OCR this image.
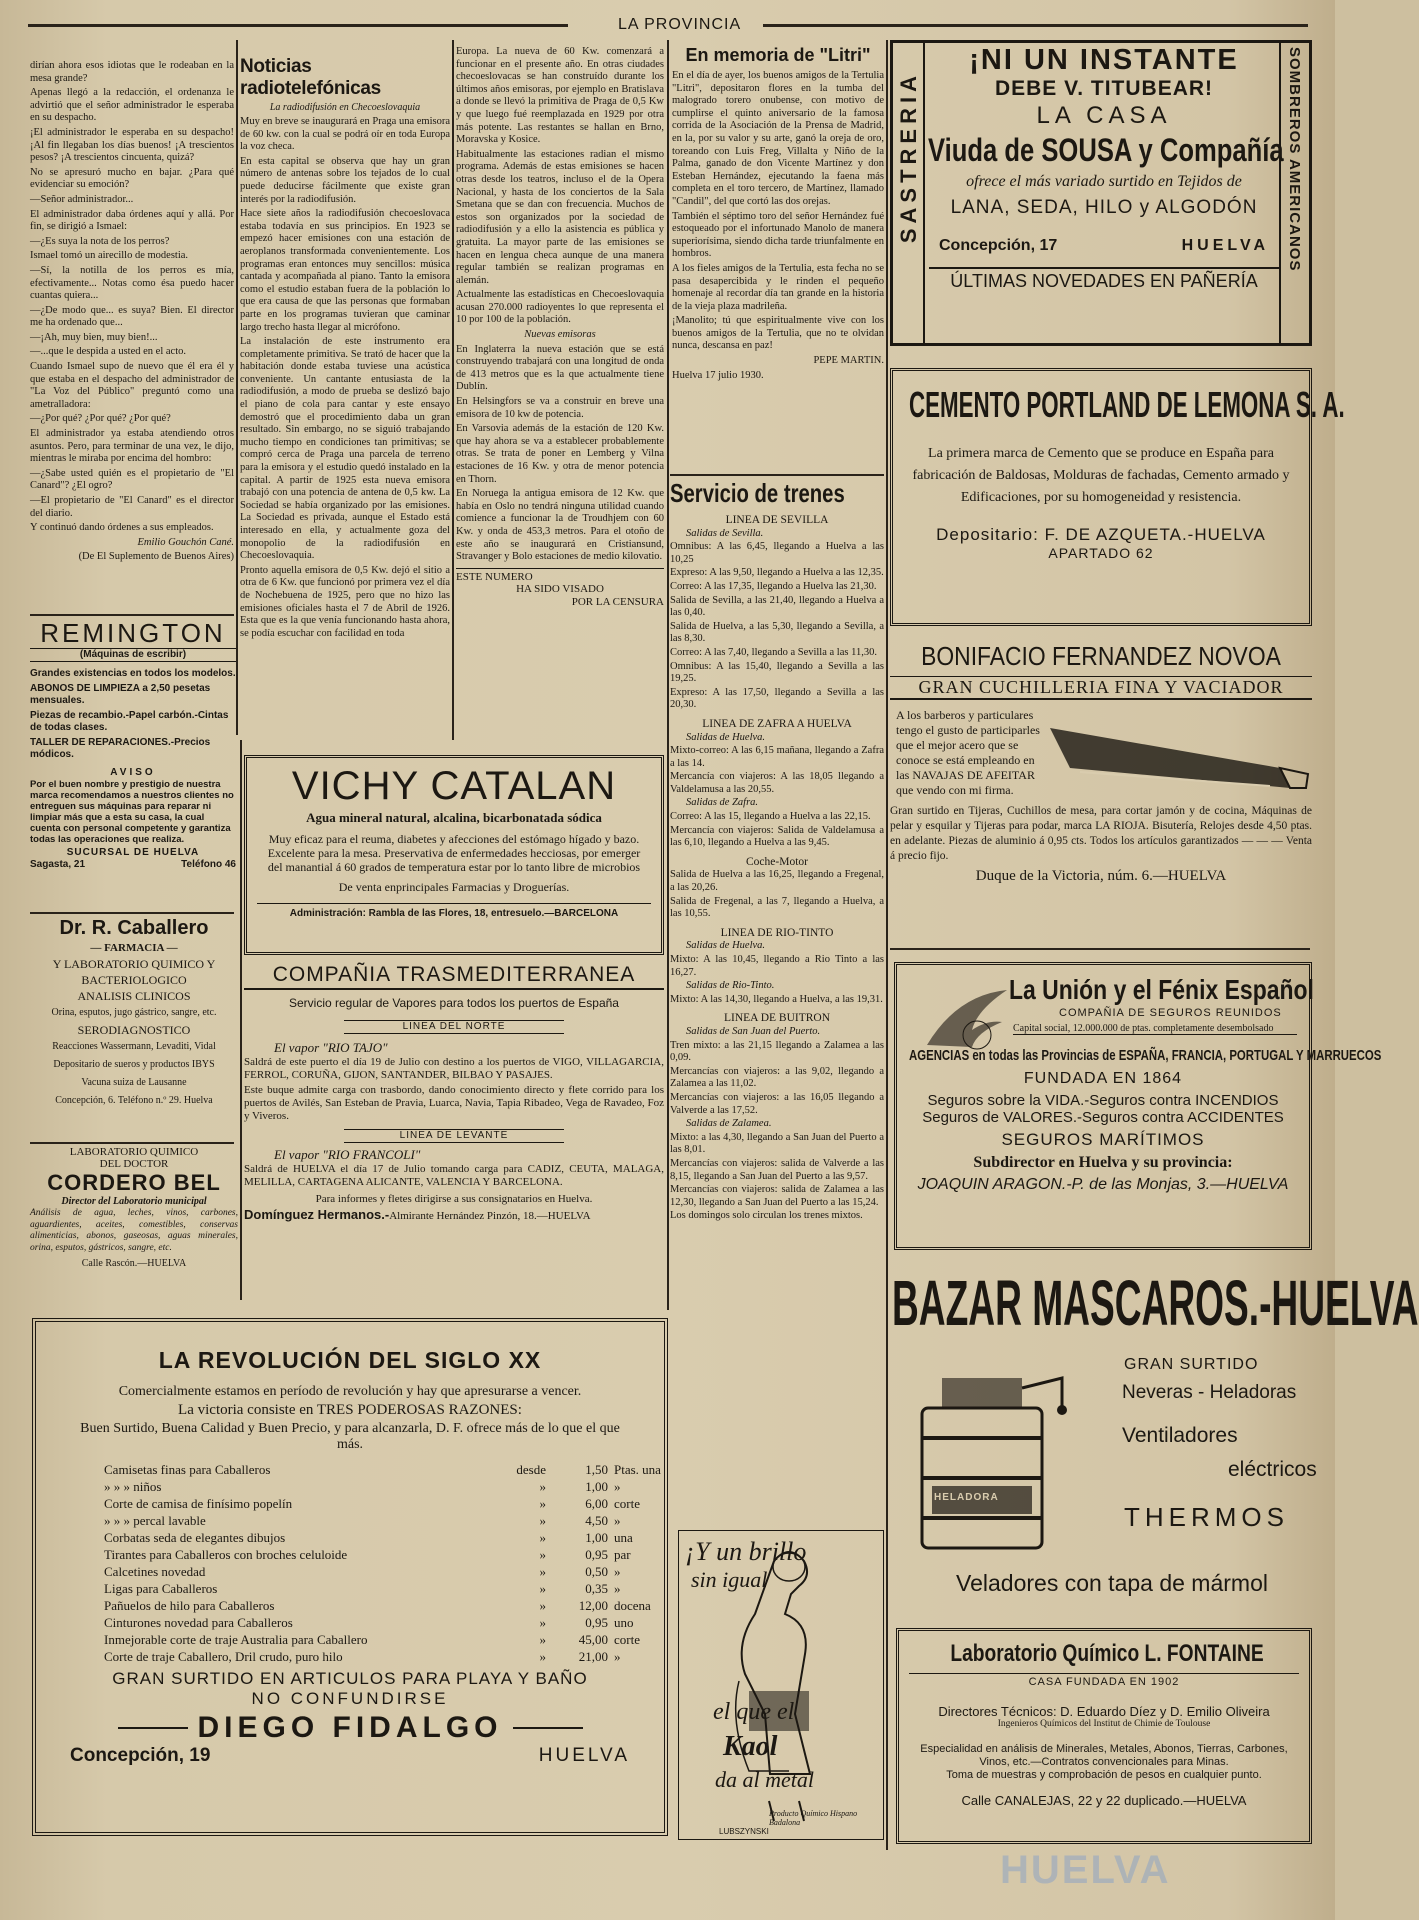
LA PROVINCIA

dirían ahora esos idiotas que le rodeaban en la mesa grande?

Apenas llegó a la redacción, el ordenanza le advirtió que el señor administrador le esperaba en su despacho.

¡El administrador le esperaba en su despacho! ¡Al fin llegaban los días buenos! ¡A trescientos pesos? ¡A trescientos cincuenta, quizá?

No se apresuró mucho en bajar. ¿Para qué evidenciar su emoción?

—Señor administrador...

El administrador daba órdenes aquí y allá. Por fin, se dirigió a Ismael:

—¿Es suya la nota de los perros?

Ismael tomó un airecillo de modestia.

—Sí, la notilla de los perros es mía, efectivamente... Notas como ésa puedo hacer cuantas quiera...

—¿De modo que... es suya? Bien. El director me ha ordenado que...

—¡Ah, muy bien, muy bien!...

—...que le despida a usted en el acto.

Cuando Ismael supo de nuevo que él era él y que estaba en el despacho del administrador de "La Voz del Público" preguntó como una ametralladora:

—¿Por qué? ¿Por qué? ¿Por qué?

El administrador ya estaba atendiendo otros asuntos. Pero, para terminar de una vez, le dijo, mientras le miraba por encima del hombro:

—¿Sabe usted quién es el propietario de "El Canard"? ¿El ogro?

—El propietario de "El Canard" es el director del diario.

Y continuó dando órdenes a sus empleados.

Emilio Gouchón Cané.

(De El Suplemento de Buenos Aires)

REMINGTON
(Máquinas de escribir)
Grandes existencias en todos los modelos.
ABONOS DE LIMPIEZA a 2,50 pesetas mensuales.
Piezas de recambio.-Papel carbón.-Cintas de todas clases.
TALLER DE REPARACIONES.-Precios módicos.
AVISO
Por el buen nombre y prestigio de nuestra marca recomendamos a nuestros clientes no entreguen sus máquinas para reparar ni limpiar más que a esta su casa, la cual cuenta con personal competente y garantiza todas las operaciones que realiza.
SUCURSAL DE HUELVA
Sagasta, 21	Teléfono 46
Dr. R. Caballero
— FARMACIA —
Y LABORATORIO QUIMICO Y
BACTERIOLOGICO
ANALISIS CLINICOS
Orina, esputos, jugo gástrico, sangre, etc.
SERODIAGNOSTICO
Reacciones Wassermann, Levaditi, Vidal
Depositario de sueros y productos IBYS
Vacuna suiza de Lausanne
Concepción, 6. Teléfono n.º 29. Huelva
LABORATORIO QUIMICO
DEL DOCTOR
CORDERO BEL
Director del Laboratorio municipal
Análisis de agua, leches, vinos, carbones, aguardientes, aceites, comestibles, conservas alimenticias, abonos, gaseosas, aguas minerales, orina, esputos, gástricos, sangre, etc.
Calle Rascón.—HUELVA
Noticias radiotelefónicas
La radiodifusión en Checoeslovaquia

Muy en breve se inaugurará en Praga una emisora de 60 kw. con la cual se podrá oír en toda Europa la voz checa.

En esta capital se observa que hay un gran número de antenas sobre los tejados de lo cual puede deducirse fácilmente que existe gran interés por la radiodifusión.

Hace siete años la radiodifusión checoeslovaca estaba todavía en sus principios. En 1923 se empezó hacer emisiones con una estación de aeroplanos transformada convenientemente. Los programas eran entonces muy sencillos: música cantada y acompañada al piano. Tanto la emisora como el estudio estaban fuera de la población lo que era causa de que las personas que formaban parte en los programas tuvieran que caminar largo trecho hasta llegar al micrófono.

La instalación de este instrumento era completamente primitiva. Se trató de hacer que la habitación donde estaba tuviese una acústica conveniente. Un cantante entusiasta de la radiodifusión, a modo de prueba se deslizó bajo el piano de cola para cantar y este ensayo demostró que el procedimiento daba un gran resultado. Sin embargo, no se siguió trabajando mucho tiempo en condiciones tan primitivas; se compró cerca de Praga una parcela de terreno para la emisora y el estudio quedó instalado en la capital. A partir de 1925 esta nueva emisora trabajó con una potencia de antena de 0,5 kw. La Sociedad se había organizado por las emisiones. La Sociedad es privada, aunque el Estado está interesado en ella, y actualmente goza del monopolio de la radiodifusión en Checoeslovaquia.

Pronto aquella emisora de 0,5 Kw. dejó el sitio a otra de 6 Kw. que funcionó por primera vez el día de Nochebuena de 1925, pero que no hizo las emisiones oficiales hasta el 7 de Abril de 1926. Esta que es la que venía funcionando hasta ahora, se podía escuchar con facilidad en toda

Europa. La nueva de 60 Kw. comenzará a funcionar en el presente año. En otras ciudades checoeslovacas se han construído durante los últimos años emisoras, por ejemplo en Bratislava a donde se llevó la primitiva de Praga de 0,5 Kw y que luego fué reemplazada en 1929 por otra más potente. Las restantes se hallan en Brno, Moravska y Kosice.

Habitualmente las estaciones radian el mismo programa. Además de estas emisiones se hacen otras desde los teatros, incluso el de la Opera Nacional, y hasta de los conciertos de la Sala Smetana que se dan con frecuencia. Muchos de estos son organizados por la sociedad de radiodifusión y a ello la asistencia es pública y gratuita. La mayor parte de las emisiones se hacen en lengua checa aunque de una manera regular también se realizan programas en alemán.

Actualmente las estadísticas en Checoeslovaquia acusan 270.000 radioyentes lo que representa el 10 por 100 de la población.

Nuevas emisoras

En Inglaterra la nueva estación que se está construyendo trabajará con una longitud de onda de 413 metros que es la que actualmente tiene Dublín.

En Helsingfors se va a construir en breve una emisora de 10 kw de potencia.

En Varsovia además de la estación de 120 Kw. que hay ahora se va a establecer probablemente otras. Se trata de poner en Lemberg y Vilna estaciones de 16 Kw. y otra de menor potencia en Thorn.

En Noruega la antigua emisora de 12 Kw. que había en Oslo no tendrá ninguna utilidad cuando comience a funcionar la de Troudhjem con 60 Kw. y onda de 453,3 metros. Para el otoño de este año se inaugurará en Cristiansund, Stravanger y Bolo estaciones de medio kilovatio.

ESTE NUMERO
HA SIDO VISADO
POR LA CENSURA
En memoria de "Litri"

En el día de ayer, los buenos amigos de la Tertulia "Litri", depositaron flores en la tumba del malogrado torero onubense, con motivo de cumplirse el quinto aniversario de la famosa corrida de la Asociación de la Prensa de Madrid, en la, por su valor y su arte, ganó la oreja de oro, toreando con Luis Freg, Villalta y Niño de la Palma, ganado de don Vicente Martínez y don Esteban Hernández, ejecutando la faena más completa en el toro tercero, de Martínez, llamado "Candil", del que cortó las dos orejas.

También el séptimo toro del señor Hernández fué estoqueado por el infortunado Manolo de manera superiorísima, siendo dicha tarde triunfalmente en hombros.

A los fieles amigos de la Tertulia, esta fecha no se pasa desapercibida y le rinden el pequeño homenaje al recordar día tan grande en la historia de la vieja plaza madrileña.

¡Manolito; tú que espiritualmente vive con los buenos amigos de la Tertulia, que no te olvidan nunca, descansa en paz!

PEPE MARTIN.

Huelva 17 julio 1930.

Servicio de trenes

LINEA DE SEVILLA

Salidas de Sevilla.

Omnibus: A las 6,45, llegando a Huelva a las 10,25

Expreso: A las 9,50, llegando a Huelva a las 12,35.

Correo: A las 17,35, llegando a Huelva las 21,30.

Salida de Sevilla, a las 21,40, llegando a Huelva a las 0,40.

Salida de Huelva, a las 5,30, llegando a Sevilla, a las 8,30.

Correo: A las 7,40, llegando a Sevilla a las 11,30.

Omnibus: A las 15,40, llegando a Sevilla a las 19,25.

Expreso: A las 17,50, llegando a Sevilla a las 20,30.

LINEA DE ZAFRA A HUELVA

Salidas de Huelva.

Mixto-correo: A las 6,15 mañana, llegando a Zafra a las 14.

Mercancía con viajeros: A las 18,05 llegando a Valdelamusa a las 20,55.

Salidas de Zafra.

Correo: A las 15, llegando a Huelva a las 22,15.

Mercancía con viajeros: Salida de Valdelamusa a las 6,10, llegando a Huelva a las 9,45.

Coche-Motor

Salida de Huelva a las 16,25, llegando a Fregenal, a las 20,26.

Salida de Fregenal, a las 7, llegando a Huelva, a las 10,55.

LINEA DE RIO-TINTO

Salidas de Huelva.

Mixto: A las 10,45, llegando a Rio Tinto a las 16,27.

Salidas de Rio-Tinto.

Mixto: A las 14,30, llegando a Huelva, a las 19,31.

LINEA DE BUITRON

Salidas de San Juan del Puerto.

Tren mixto: a las 21,15 llegando a Zalamea a las 0,09.

Mercancías con viajeros: a las 9,02, llegando a Zalamea a las 11,02.

Mercancías con viajeros: a las 16,05 llegando a Valverde a las 17,52.

Salidas de Zalamea.

Mixto: a las 4,30, llegando a San Juan del Puerto a las 8,01.

Mercancías con viajeros: salida de Valverde a las 8,15, llegando a San Juan del Puerto a las 9,57.

Mercancías con viajeros: salida de Zalamea a las 12,30, llegando a San Juan del Puerto a las 15,24.

Los domingos solo circulan los trenes mixtos.

VICHY CATALAN
Agua mineral natural, alcalina, bicarbonatada sódica
Muy eficaz para el reuma, diabetes y afecciones del estómago hígado y bazo. Excelente para la mesa. Preservativa de enfermedades hecciosas, por emerger del manantial á 60 grados de temperatura estar por lo tanto libre de microbios
De venta enprincipales Farmacias y Droguerías.
Administración: Rambla de las Flores, 18, entresuelo.—BARCELONA
COMPAÑIA TRASMEDITERRANEA
Servicio regular de Vapores para todos los puertos de España
LINEA DEL NORTE
El vapor "RIO TAJO"
Saldrá de este puerto el día 19 de Julio con destino a los puertos de VIGO, VILLAGARCIA, FERROL, CORUÑA, GIJON, SANTANDER, BILBAO Y PASAJES.
Este buque admite carga con trasbordo, dando conocimiento directo y flete corrido para los puertos de Avilés, San Esteban de Pravia, Luarca, Navia, Tapia Ribadeo, Vega de Ravadeo, Foz y Viveros.
LINEA DE LEVANTE
El vapor "RIO FRANCOLI"
Saldrá de HUELVA el día 17 de Julio tomando carga para CADIZ, CEUTA, MALAGA, MELILLA, CARTAGENA ALICANTE, VALENCIA Y BARCELONA.
Para informes y fletes dirigirse a sus consignatarios en Huelva.
Domínguez Hermanos.-Almirante Hernández Pinzón, 18.—HUELVA
LA REVOLUCIÓN DEL SIGLO XX
Comercialmente estamos en período de revolución y hay que apresurarse a vencer.
La victoria consiste en TRES PODEROSAS RAZONES:
Buen Surtido, Buena Calidad y Buen Precio, y para alcanzarla, D. F. ofrece más de lo que el que más.
Camisetas finas para Caballeros	desde	1,50 Ptas. una
» » » niños	»	1,00 »
Corte de camisa de finísimo popelín	»	6,00 corte
» » » percal lavable	»	4,50 »
Corbatas seda de elegantes dibujos	»	1,00 una
Tirantes para Caballeros con broches celuloide	»	0,95 par
Calcetines novedad	»	0,50 »
Ligas para Caballeros	»	0,35 »
Pañuelos de hilo para Caballeros	»	12,00 docena
Cinturones novedad para Caballeros	»	0,95 uno
Inmejorable corte de traje Australia para Caballero	»	45,00 corte
Corte de traje Caballero, Dril crudo, puro hilo	»	21,00 »
GRAN SURTIDO EN ARTICULOS PARA PLAYA Y BAÑO
NO CONFUNDIRSE
DIEGO FIDALGO
Concepción, 19	HUELVA
¡Y un brillo
sin igual
el que el
Kaol
da al metal
Producto Químico Hispano Badalona
LUBSZYNSKI
SASTRERIA	SOMBREROS AMERICANOS
¡NI UN INSTANTE
DEBE V. TITUBEAR!
LA CASA
Viuda de SOUSA y Compañía
ofrece el más variado surtido en Tejidos de
LANA, SEDA, HILO y ALGODÓN
Concepción, 17	HUELVA
ÚLTIMAS NOVEDADES EN PAÑERÍA
CEMENTO PORTLAND DE LEMONA S. A.
La primera marca de Cemento que se produce en España para fabricación de Baldosas, Molduras de fachadas, Cemento armado y Edificaciones, por su homogeneidad y resistencia.
Depositario: F. DE AZQUETA.-HUELVA
APARTADO 62
BONIFACIO FERNANDEZ NOVOA
GRAN CUCHILLERIA FINA Y VACIADOR
A los barberos y particulares tengo el gusto de participarles que el mejor acero que se conoce se está empleando en las NAVAJAS DE AFEITAR que vendo con mi firma.
Gran surtido en Tijeras, Cuchillos de mesa, para cortar jamón y de cocina, Máquinas de pelar y esquilar y Tijeras para podar, marca LA RIOJA. Bisutería, Relojes desde 4,50 ptas. en adelante. Piezas de aluminio á 0,95 cts. Todos los artículos garantizados — — — Venta á precio fijo.
Duque de la Victoria, núm. 6.—HUELVA
La Unión y el Fénix Español
COMPAÑIA DE SEGUROS REUNIDOS
Capital social, 12.000.000 de ptas. completamente desembolsado
AGENCIAS en todas las Provincias de ESPAÑA, FRANCIA, PORTUGAL Y MARRUECOS
FUNDADA EN 1864
Seguros sobre la VIDA.-Seguros contra INCENDIOS
Seguros de VALORES.-Seguros contra ACCIDENTES
SEGUROS MARÍTIMOS
Subdirector en Huelva y su provincia:
JOAQUIN ARAGON.-P. de las Monjas, 3.—HUELVA
BAZAR MASCAROS.-HUELVA
HELADORA
GRAN SURTIDO
Neveras - Heladoras
Ventiladores
eléctricos
THERMOS
Veladores con tapa de mármol
Laboratorio Químico L. FONTAINE
CASA FUNDADA EN 1902
Directores Técnicos: D. Eduardo Díez y D. Emilio Oliveira
Ingenieros Químicos del Institut de Chimie de Toulouse
Especialidad en análisis de Minerales, Metales, Abonos, Tierras, Carbones, Vinos, etc.—Contratos convencionales para Minas.
Toma de muestras y comprobación de pesos en cualquier punto.
Calle CANALEJAS, 22 y 22 duplicado.—HUELVA
HUELVA
